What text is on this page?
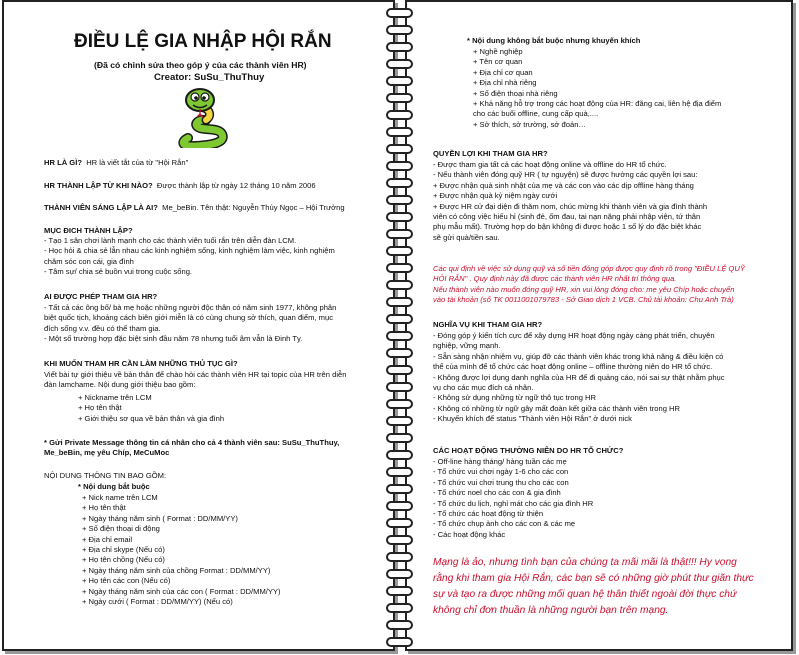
ĐIỀU LỆ GIA NHẬP HỘI RẮN
(Đã có chỉnh sửa theo góp ý của các thành viên HR)
Creator: SuSu_ThuThuy
HR LÀ GÌ? HR là viết tắt của từ "Hội Rắn"
HR THÀNH LẬP TỪ KHI NÀO? Được thành lập từ ngày 12 tháng 10 năm 2006
THÀNH VIÊN SÁNG LẬP LÀ AI? Me_beBin. Tên thật: Nguyễn Thủy Ngọc – Hội Trưởng
MỤC ĐICH THÀNH LẬP?
- Tạo 1 sân chơi lành mạnh cho các thành viên tuổi rắn trên diễn đàn LCM.
- Học hỏi & chia sẻ lẫn nhau các kinh nghiệm sống, kinh nghiệm làm việc, kinh nghiệm
chăm sóc con cái, gia đình
- Tâm sự/ chia sẻ buồn vui trong cuộc sống.
AI ĐƯỢC PHÉP THAM GIA HR?
- Tất cả các ông bố/ bà mẹ hoặc những người độc thân có năm sinh 1977, không phân
biệt quốc tịch, khoảng cách biên giới miễn là có cùng chung sở thích, quan điểm, mục
đích sống v.v. đều có thể tham gia.
- Một số trường hợp đặc biệt sinh đầu năm 78 nhưng tuổi âm vẫn là Đinh Tỵ.
KHI MUỐN THAM HR CẦN LÀM NHỮNG THỦ TỤC GÌ?
Viết bài tự giới thiệu về bản thân để chào hỏi các thành viên HR tại topic của HR trên diễn
đàn lamchame. Nội dung giới thiệu bao gồm:
+ Nickname trên LCM
+ Họ tên thật
+ Giới thiệu sơ qua về bản thân và gia đình
* Gửi Private Message thông tin cá nhân cho cả 4 thành viên sau: SuSu_ThuThuy,
Me_beBin, mẹ yêu Chíp, MeCuMoc
NỘI DUNG THÔNG TIN BAO GỒM:
* Nội dung bắt buộc
+ Nick name trên LCM
+ Họ tên thật
+ Ngày tháng năm sinh ( Format : DD/MM/YY)
+ Số điện thoại di động
+ Địa chỉ email
+ Địa chỉ skype (Nếu có)
+ Họ tên chồng (Nếu có)
+ Ngày tháng năm sinh của chồng Format : DD/MM/YY)
+ Họ tên các con (Nếu có)
+ Ngày tháng năm sinh của các con ( Format : DD/MM/YY)
+ Ngày cưới ( Format : DD/MM/YY) (Nếu có)
* Nội dung không bắt buộc nhưng khuyến khích
+ Nghề nghiệp
+ Tên cơ quan
+ Địa chỉ cơ quan
+ Địa chỉ nhà riêng
+ Số điện thoại nhà riêng
+ Khả năng hỗ trợ trong các hoạt động của HR: đăng cai, liên hệ địa điểm
cho các buổi offline, cung cấp quà,....
+ Sở thích, sở trường, sở đoản…
QUYỀN LỢI KHI THAM GIA HR?
- Được tham gia tất cả các hoạt động online và offline do HR tổ chức.
- Nếu thành viên đóng quỹ HR ( tự nguyện) sẽ được hưởng các quyền lợi sau:
+ Được nhận quà sinh nhật của mẹ và các con vào các dịp offline hàng tháng
+ Được nhận quà kỷ niệm ngày cưới
+ Được HR cử đại diện đi thăm nom, chúc mừng khi thành viên và gia đình thành
viên có công việc hiếu hỉ (sinh đẻ, ốm đau, tai nạn nặng phải nhập viện, tứ thân
phụ mẫu mất). Trường hợp do bận không đi được hoặc 1 số lý do đặc biệt khác
sẽ gửi quà/tiền sau.
Các qui định về việc sử dụng quỹ và số tiền đóng góp được quy định rõ trong "ĐIỀU LỆ QUỸ
HỘI RẮN" . Quy định này đã được các thành viên HR nhất trí thông qua.
Nếu thành viên nào muốn đóng quỹ HR, xin vui lòng đóng cho: mẹ yêu Chíp hoặc chuyển
vào tài khoản (số TK 0011001079783 - Sở Giao dịch 1 VCB. Chủ tài khoản: Chu Anh Trà)
NGHĨA VỤ KHI THAM GIA HR?
- Đóng góp ý kiến tích cực để xây dựng HR hoạt động ngày càng phát triển, chuyên
nghiệp, vững mạnh.
- Sẵn sàng nhận nhiệm vụ, giúp đỡ các thành viên khác trong khả năng & điều kiện có
thể của mình để tổ chức các hoạt động online – offline thường niên do HR tổ chức.
- Không được lợi dụng danh nghĩa của HR để đi quảng cáo, nói sai sự thật nhằm phục
vụ cho các mục đích cá nhân.
- Không sử dụng những từ ngữ thô tục trong HR
- Không có những từ ngữ gây mất đoàn kết giữa các thành viên trong HR
- Khuyến khích để status "Thành viên Hội Rắn" ở dưới nick
CÁC HOẠT ĐỘNG THƯỜNG NIÊN DO HR TỔ CHỨC?
- Off-line hàng tháng/ hàng tuần các mẹ
- Tổ chức vui chơi ngày 1-6 cho các con
- Tổ chức vui chơi trung thu cho các con
- Tổ chức noel cho các con & gia đình
- Tổ chức du lịch, nghỉ mát cho các gia đình HR
- Tổ chức các hoạt động từ thiện
- Tổ chức chụp ảnh cho các con & các mẹ
- Các hoạt động khác
Mạng là ảo, nhưng tình bạn của chúng ta mãi mãi là thật!!! Hy vọng
rằng khi tham gia Hội Rắn, các bạn sẽ có những giờ phút thư giãn thực
sự và tạo ra được những mối quan hệ thân thiết ngoài đời thực chứ
không chỉ đơn thuần là những người bạn trên mạng.
